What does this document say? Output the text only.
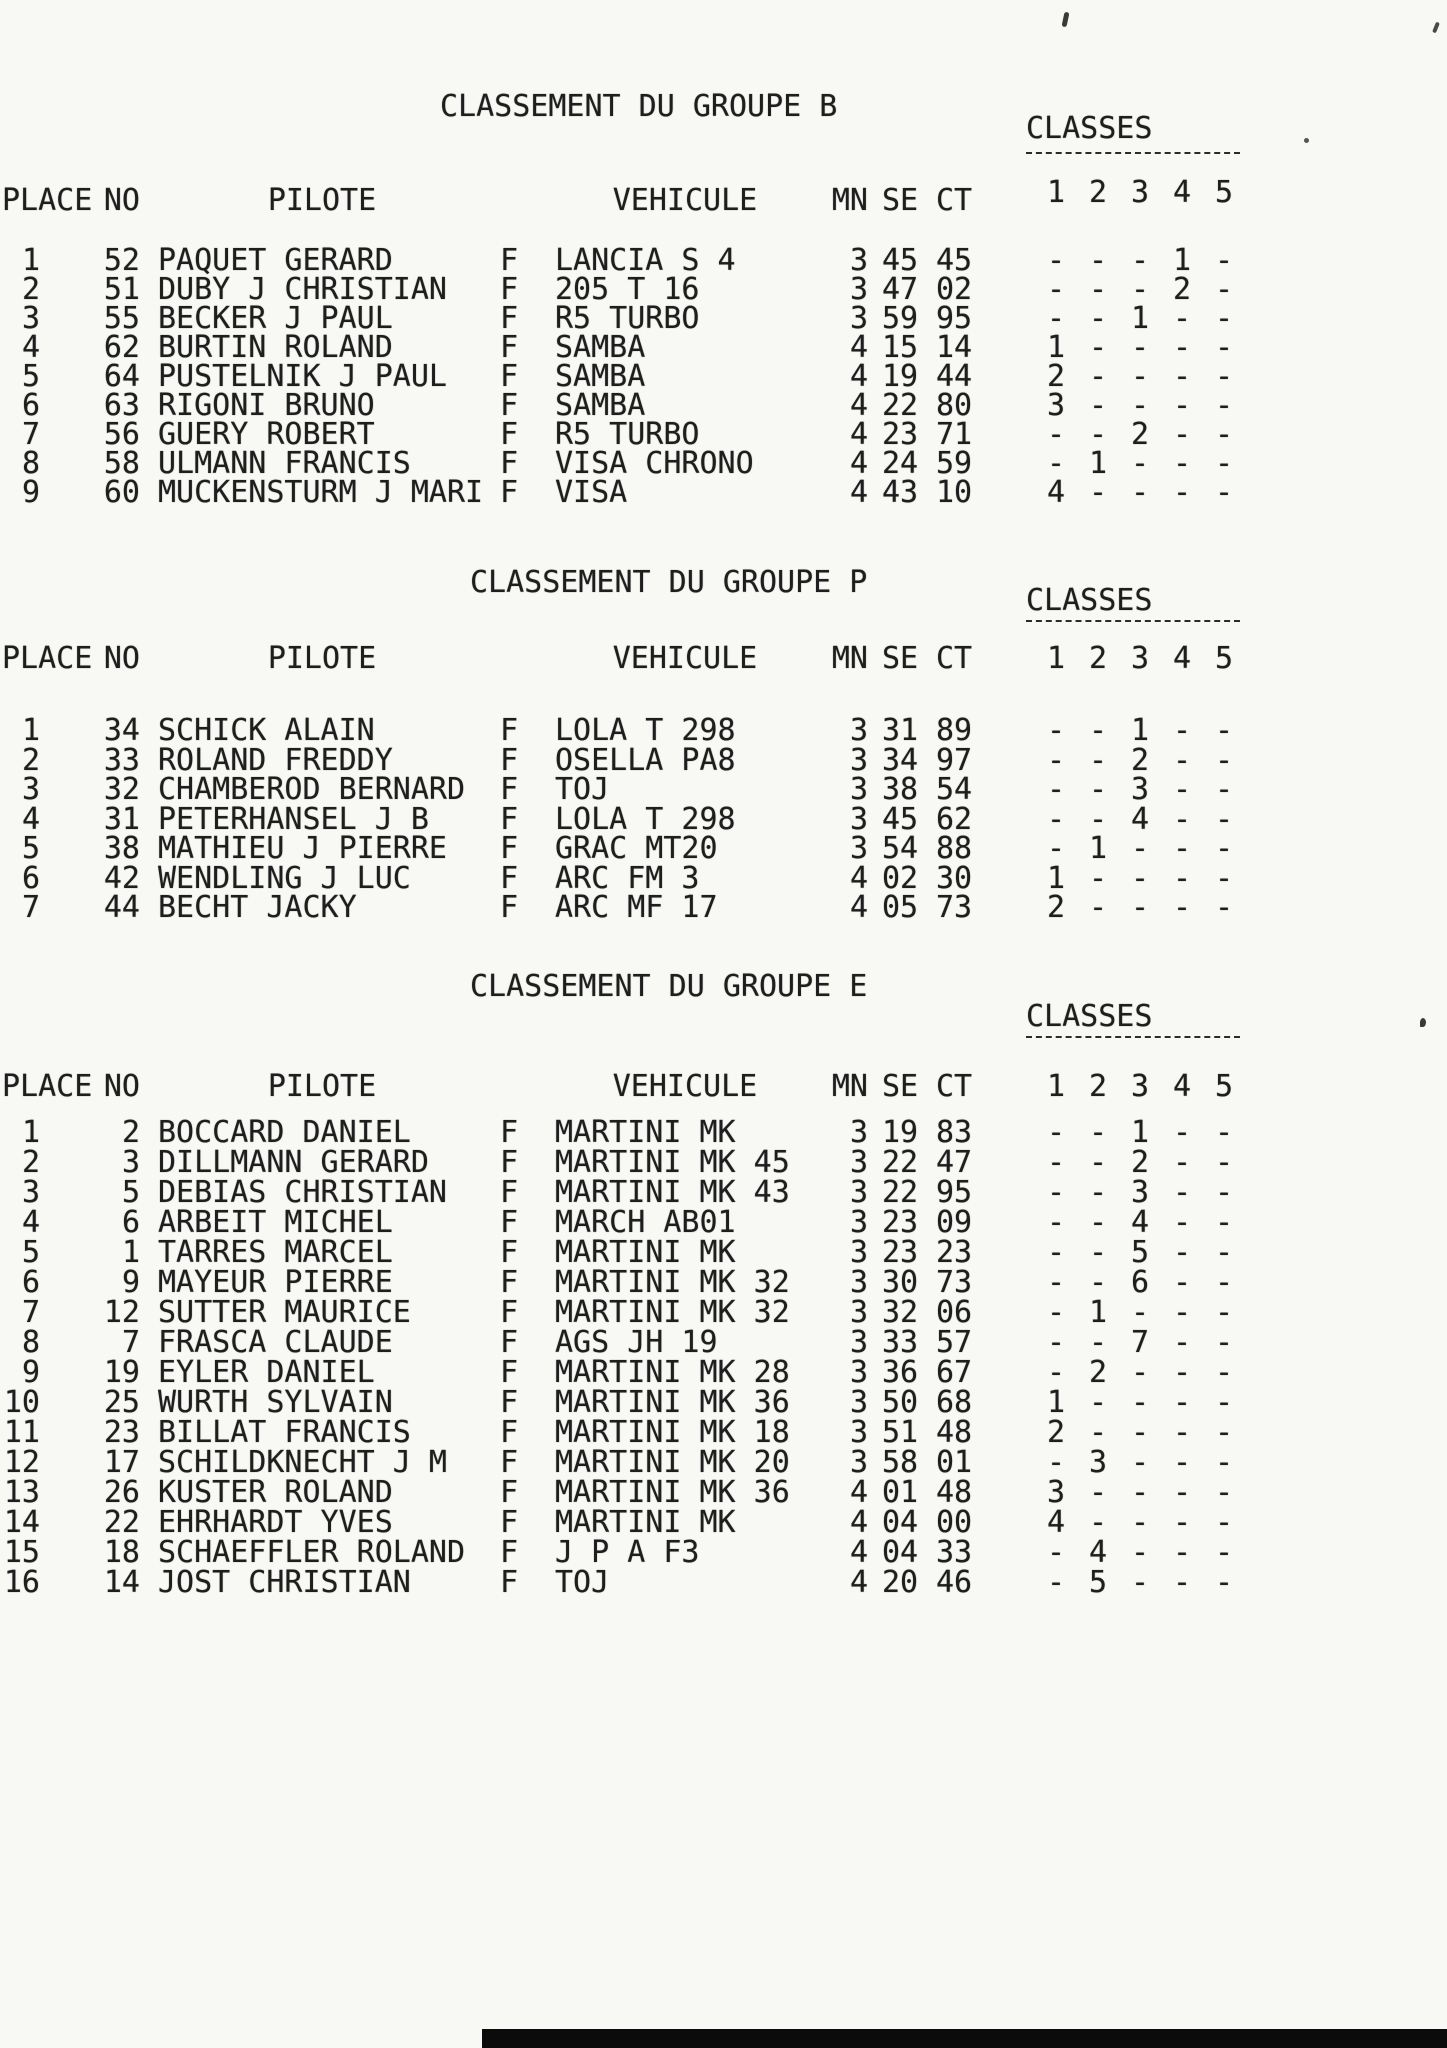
CLASSEMENT DU GROUPE B
CLASSES
PLACE NO	PILOTE	VEHICULE	MN SE CT	1 2 3 4 5
1	52 PAQUET GERARD	F	LANCIA S 4	3 45 45	- - - 1 -
2	51 DUBY J CHRISTIAN	F	205 T 16	3 47 02	- - - 2 -
3	55 BECKER J PAUL	F	R5 TURBO	3 59 95	- - 1 - -
4	62 BURTIN ROLAND	F	SAMBA	4 15 14	1 - - - -
5	64 PUSTELNIK J PAUL	F	SAMBA	4 19 44	2 - - - -
6	63 RIGONI BRUNO	F	SAMBA	4 22 80	3 - - - -
7	56 GUERY ROBERT	F	R5 TURBO	4 23 71	- - 2 - -
8	58 ULMANN FRANCIS	F	VISA CHRONO	4 24 59	- 1 - - -
9	60 MUCKENSTURM J MARI F	VISA	4 43 10	4 - - - -
CLASSEMENT DU GROUPE P
CLASSES
PLACE NO	PILOTE	VEHICULE	MN SE CT	1 2 3 4 5
1	34 SCHICK ALAIN	F	LOLA T 298	3 31 89	- - 1 - -
2	33 ROLAND FREDDY	F	OSELLA PA8	3 34 97	- - 2 - -
3	32 CHAMBEROD BERNARD	F	TOJ	3 38 54	- - 3 - -
4	31 PETERHANSEL J B	F	LOLA T 298	3 45 62	- - 4 - -
5	38 MATHIEU J PIERRE	F	GRAC MT20	3 54 88	- 1 - - -
6	42 WENDLING J LUC	F	ARC FM 3	4 02 30	1 - - - -
7	44 BECHT JACKY	F	ARC MF 17	4 05 73	2 - - - -
CLASSEMENT DU GROUPE E
CLASSES
PLACE NO	PILOTE	VEHICULE	MN SE CT	1 2 3 4 5
1	2 BOCCARD DANIEL	F	MARTINI MK	3 19 83	- - 1 - -
2	3 DILLMANN GERARD	F	MARTINI MK 45	3 22 47	- - 2 - -
3	5 DEBIAS CHRISTIAN	F	MARTINI MK 43	3 22 95	- - 3 - -
4	6 ARBEIT MICHEL	F	MARCH AB01	3 23 09	- - 4 - -
5	1 TARRES MARCEL	F	MARTINI MK	3 23 23	- - 5 - -
6	9 MAYEUR PIERRE	F	MARTINI MK 32	3 30 73	- - 6 - -
7	12 SUTTER MAURICE	F	MARTINI MK 32	3 32 06	- 1 - - -
8	7 FRASCA CLAUDE	F	AGS JH 19	3 33 57	- - 7 - -
9	19 EYLER DANIEL	F	MARTINI MK 28	3 36 67	- 2 - - -
10	25 WURTH SYLVAIN	F	MARTINI MK 36	3 50 68	1 - - - -
11	23 BILLAT FRANCIS	F	MARTINI MK 18	3 51 48	2 - - - -
12	17 SCHILDKNECHT J M	F	MARTINI MK 20	3 58 01	- 3 - - -
13	26 KUSTER ROLAND	F	MARTINI MK 36	4 01 48	3 - - - -
14	22 EHRHARDT YVES	F	MARTINI MK	4 04 00	4 - - - -
15	18 SCHAEFFLER ROLAND	F	J P A F3	4 04 33	- 4 - - -
16	14 JOST CHRISTIAN	F	TOJ	4 20 46	- 5 - - -
